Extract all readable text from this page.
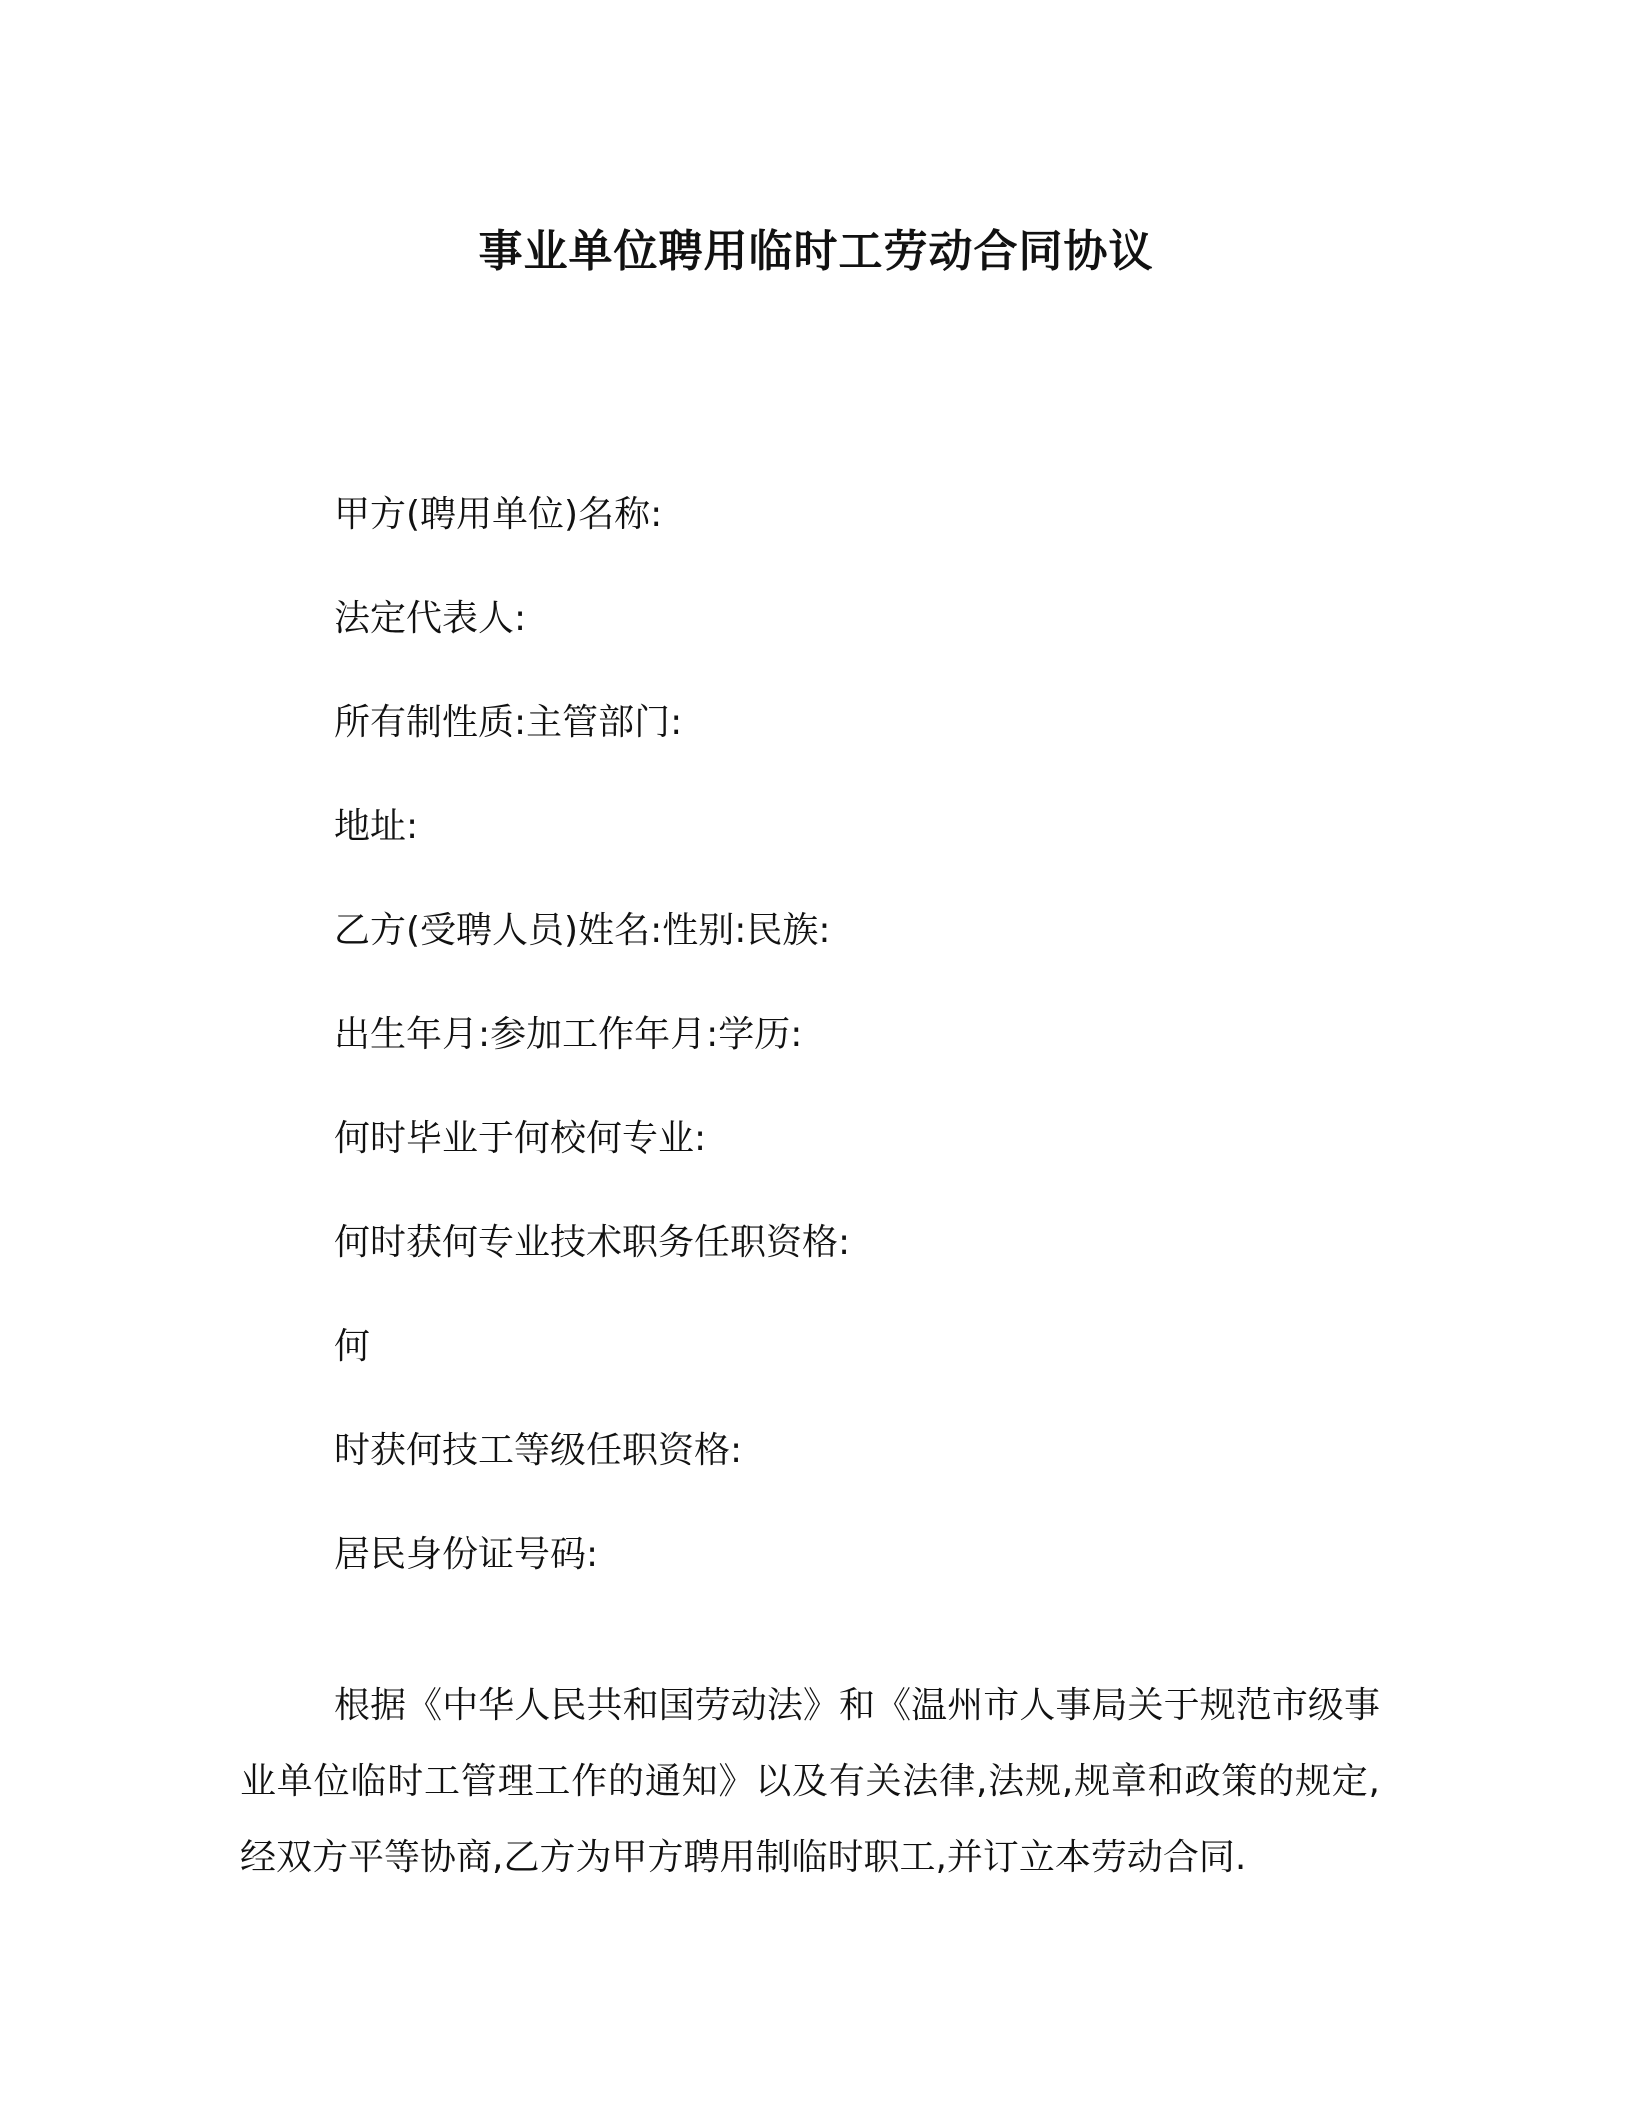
事业单位聘用临时工劳动合同协议
甲方(聘用单位)名称:
法定代表人:
所有制性质:主管部门:
地址:
乙方(受聘人员)姓名:性别:民族:
出生年月:参加工作年月:学历:
何时毕业于何校何专业:
何时获何专业技术职务任职资格:
何
时获何技工等级任职资格:
居民身份证号码:

根据《中华人民共和国劳动法》和《温州市人事局关于规范市级事业单位临时工管理工作的通知》以及有关法律,法规,规章和政策的规定,经双方平等协商,乙方为甲方聘用制临时职工,并订立本劳动合同.
